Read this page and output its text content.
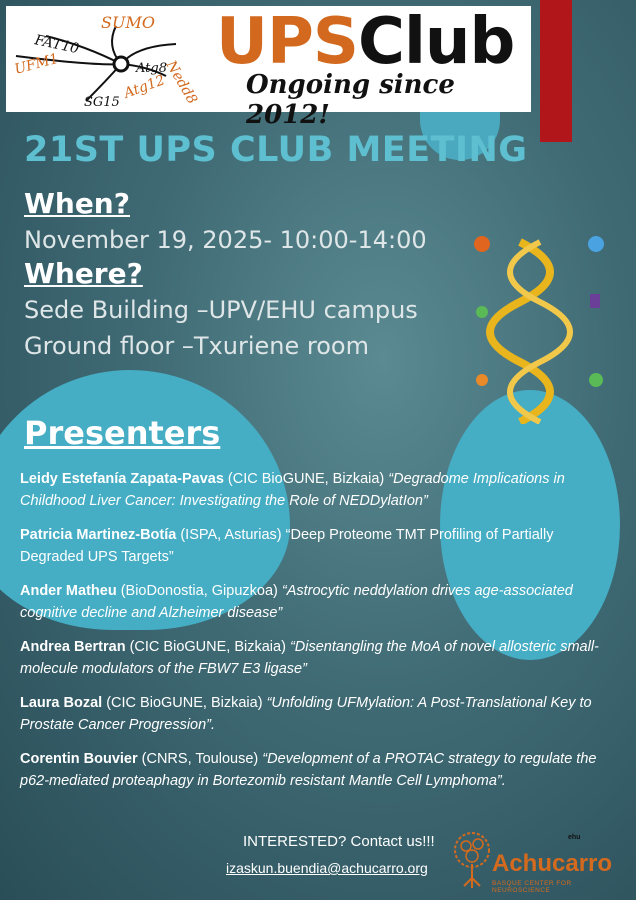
SUMO
FAT10
Nedd8
UFM1	Atg8
Atg12
SG15
UPSClub
Ongoing since 2012!
21ST UPS CLUB MEETING
When?
November 19, 2025- 10:00-14:00
Where?
Sede Building –UPV/EHU campus
Ground floor –Txuriene room
Presenters
Leidy Estefanía Zapata-Pavas (CIC BioGUNE, Bizkaia) “Degradome Implications in Childhood Liver Cancer: Investigating the Role of NEDDylatIon”
Patricia Martinez-Botía (ISPA, Asturias) “Deep Proteome TMT Profiling of Partially Degraded UPS Targets”
Ander Matheu (BioDonostia, Gipuzkoa) “Astrocytic neddylation drives age-associated cognitive decline and Alzheimer disease”
Andrea Bertran (CIC BioGUNE, Bizkaia) “Disentangling the MoA of novel allosteric small-molecule modulators of the FBW7 E3 ligase”
Laura Bozal (CIC BioGUNE, Bizkaia) “Unfolding UFMylation: A Post-Translational Key to Prostate Cancer Progression”.
Corentin Bouvier (CNRS, Toulouse) “Development of a PROTAC strategy to regulate the p62-mediated proteaphagy in Bortezomib resistant Mantle Cell Lymphoma”.
INTERESTED? Contact us!!!
izaskun.buendia@achucarro.org
ehu
Achucarro
BASQUE CENTER FOR NEUROSCIENCE
